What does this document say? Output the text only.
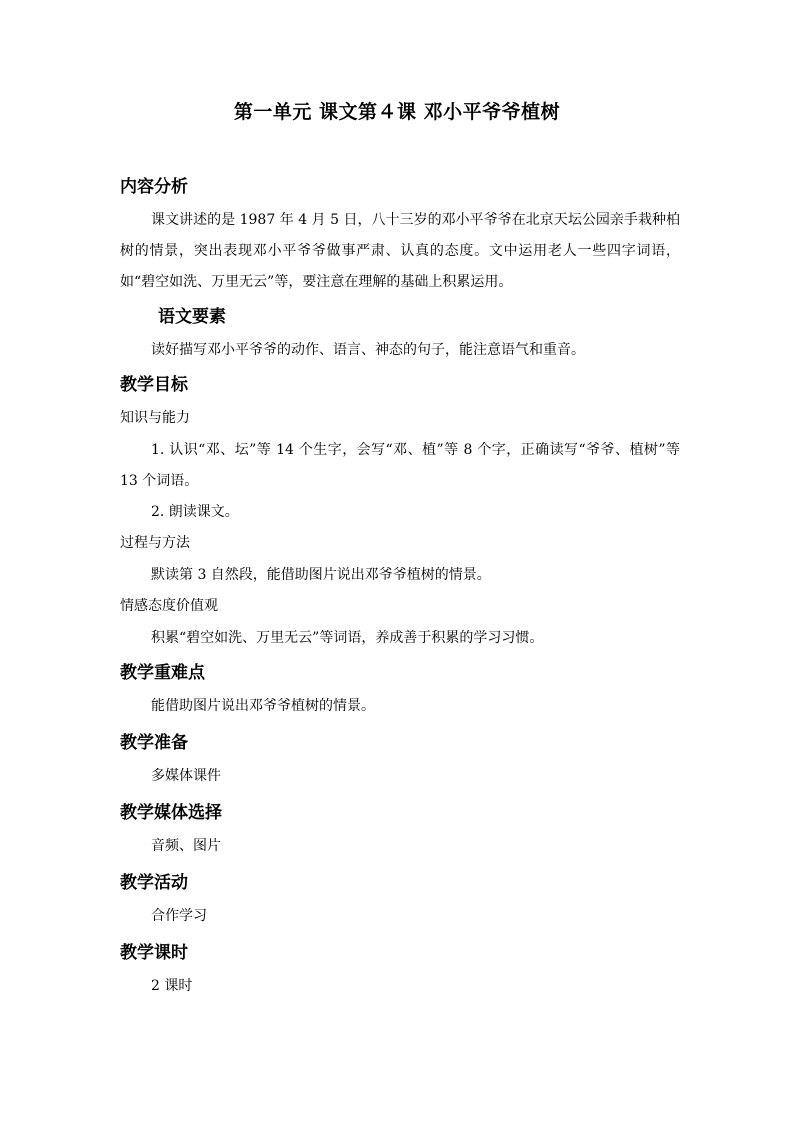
第一单元 课文第４课 邓小平爷爷植树
内容分析

课文讲述的是 1987 年 4 月 5 日，八十三岁的邓小平爷爷在北京天坛公园亲手栽种柏树的情景，突出表现邓小平爷爷做事严肃、认真的态度。文中运用老人一些四字词语，如“碧空如洗、万里无云”等，要注意在理解的基础上积累运用。

语文要素

读好描写邓小平爷爷的动作、语言、神态的句子，能注意语气和重音。

教学目标
知识与能力

1. 认识“邓、坛”等 14 个生字，会写“邓、植”等 8 个字，正确读写“爷爷、植树”等 13 个词语。

2. 朗读课文。

过程与方法

默读第 3 自然段，能借助图片说出邓爷爷植树的情景。

情感态度价值观

积累“碧空如洗、万里无云”等词语，养成善于积累的学习习惯。

教学重难点

能借助图片说出邓爷爷植树的情景。

教学准备

多媒体课件

教学媒体选择

音频、图片

教学活动

合作学习

教学课时

2 课时
